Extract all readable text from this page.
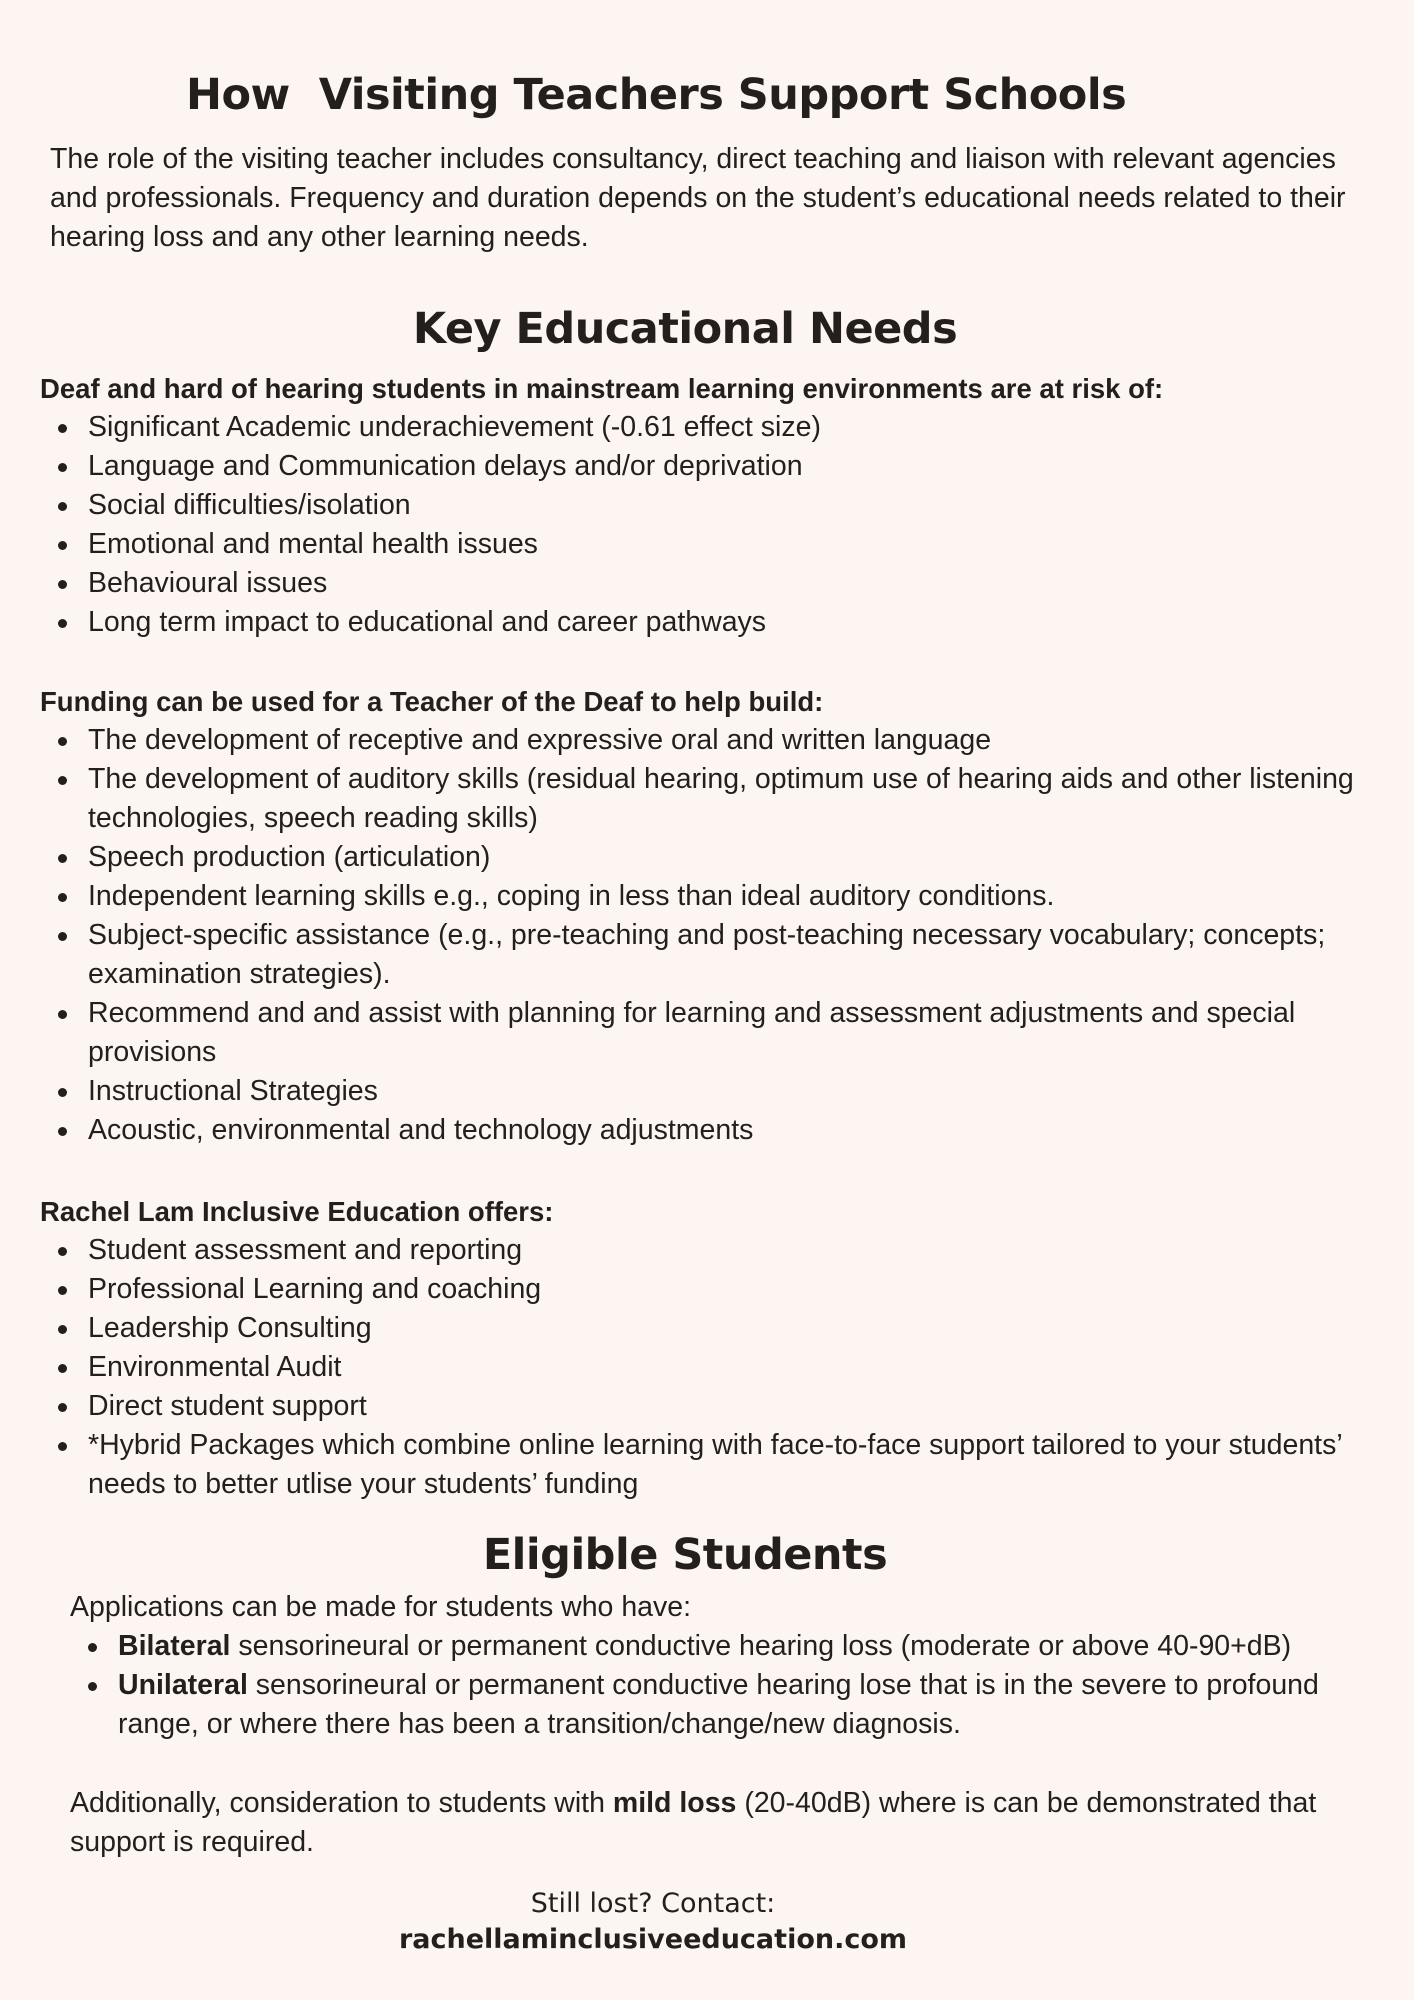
How  Visiting Teachers Support Schools

The role of the visiting teacher includes consultancy, direct teaching and liaison with relevant agencies and professionals. Frequency and duration depends on the student’s educational needs related to their hearing loss and any other learning needs.

Key Educational Needs

Deaf and hard of hearing students in mainstream learning environments are at risk of:

Significant Academic underachievement (-0.61 effect size)
Language and Communication delays and/or deprivation
Social difficulties/isolation
Emotional and mental health issues
Behavioural issues
Long term impact to educational and career pathways

Funding can be used for a Teacher of the Deaf to help build:

The development of receptive and expressive oral and written language
The development of auditory skills (residual hearing, optimum use of hearing aids and other listening technologies, speech reading skills)
Speech production (articulation)
Independent learning skills e.g., coping in less than ideal auditory conditions.
Subject-specific assistance (e.g., pre-teaching and post-teaching necessary vocabulary; concepts; examination strategies).
Recommend and and assist with planning for learning and assessment adjustments and special provisions
Instructional Strategies
Acoustic, environmental and technology adjustments

Rachel Lam Inclusive Education offers:

Student assessment and reporting
Professional Learning and coaching
Leadership Consulting
Environmental Audit
Direct student support
*Hybrid Packages which combine online learning with face-to-face support tailored to your students’ needs to better utlise your students’ funding
Eligible Students

Applications can be made for students who have:

Bilateral sensorineural or permanent conductive hearing loss (moderate or above 40-90+dB)
Unilateral sensorineural or permanent conductive hearing lose that is in the severe to profound range, or where there has been a transition/change/new diagnosis.

Additionally, consideration to students with mild loss (20-40dB) where is can be demonstrated that support is required.

Still lost? Contact:
rachellaminclusiveeducation.com
